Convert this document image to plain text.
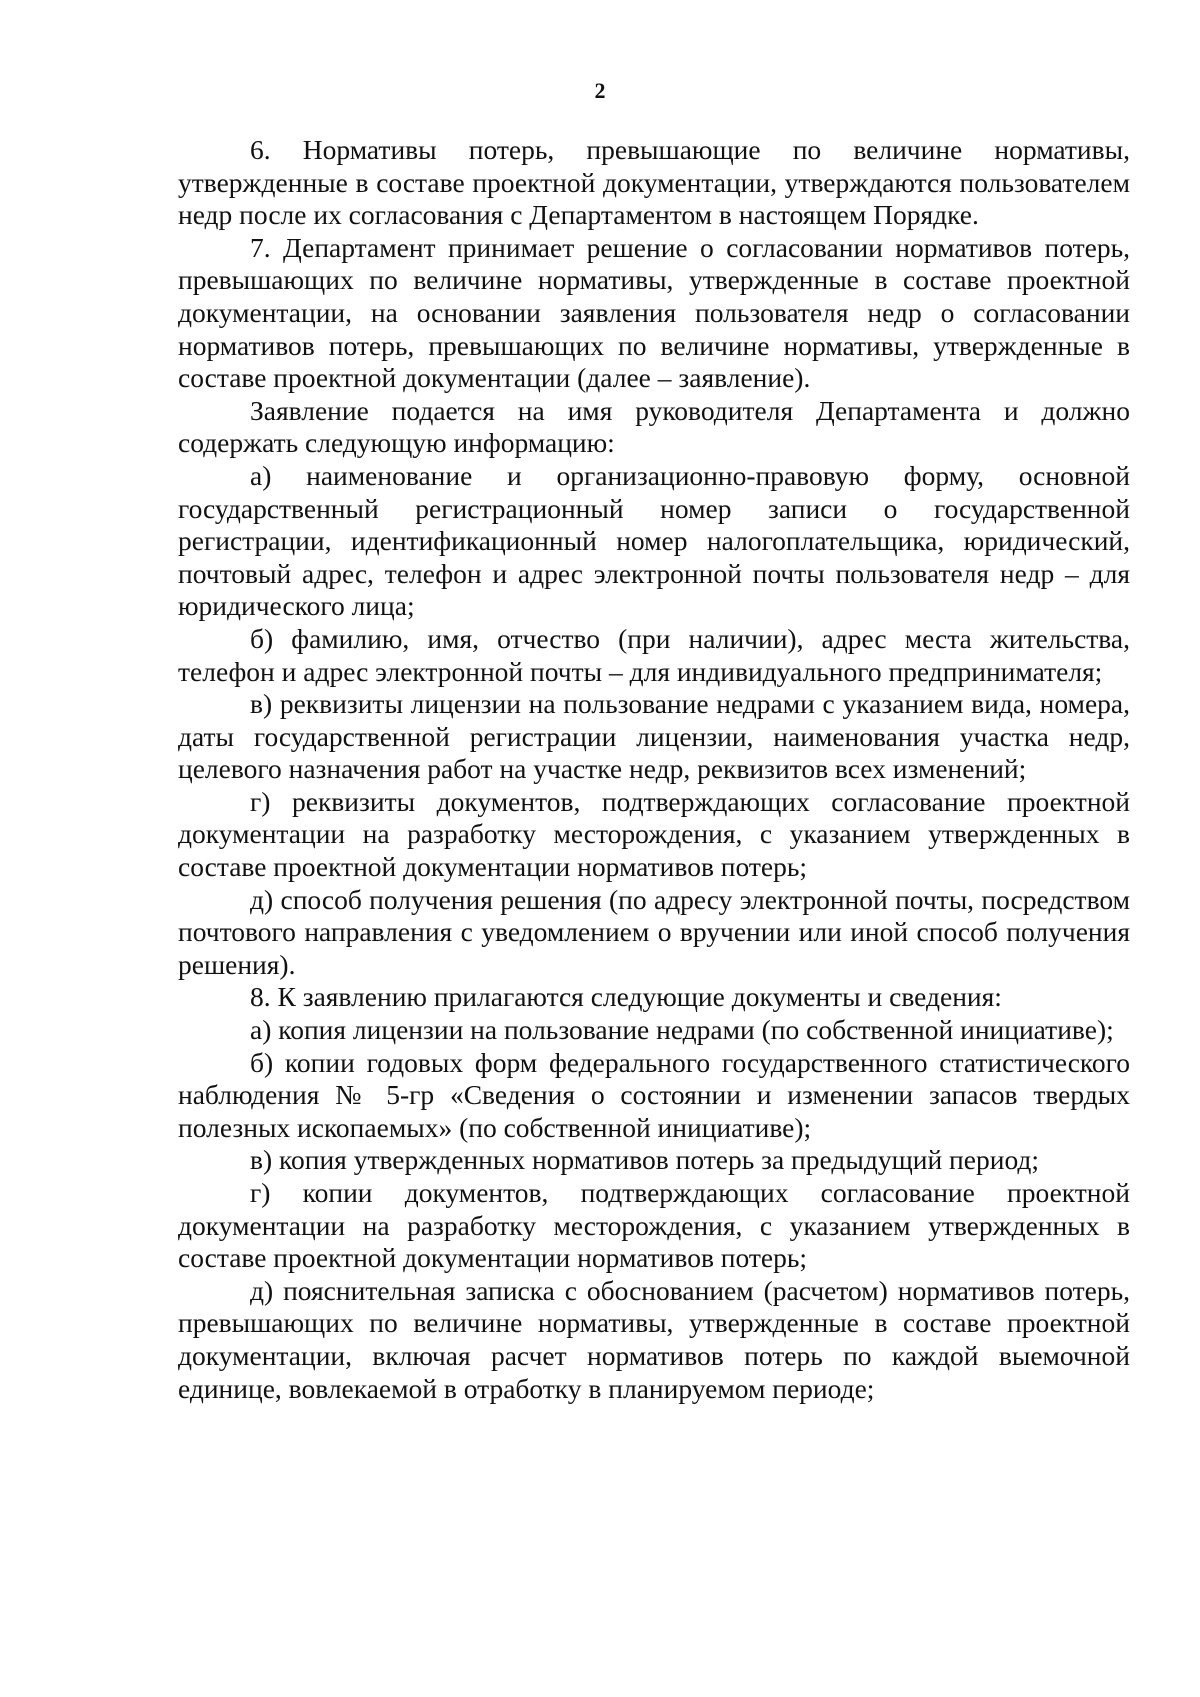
2

6. Нормативы потерь, превышающие по величине нормативы, утвержденные в составе проектной документации, утверждаются пользователем недр после их согласования с Департаментом в настоящем Порядке.

7. Департамент принимает решение о согласовании нормативов потерь, превышающих по величине нормативы, утвержденные в составе проектной документации, на основании заявления пользователя недр о согласовании нормативов потерь, превышающих по величине нормативы, утвержденные в составе проектной документации (далее – заявление).

Заявление подается на имя руководителя Департамента и должно содержать следующую информацию:

а) наименование и организационно-правовую форму, основной государственный регистрационный номер записи о государственной регистрации, идентификационный номер налогоплательщика, юридический, почтовый адрес, телефон и адрес электронной почты пользователя недр – для юридического лица;

б) фамилию, имя, отчество (при наличии), адрес места жительства, телефон и адрес электронной почты – для индивидуального предпринимателя;

в) реквизиты лицензии на пользование недрами с указанием вида, номера, даты государственной регистрации лицензии, наименования участка недр, целевого назначения работ на участке недр, реквизитов всех изменений;

г) реквизиты документов, подтверждающих согласование проектной документации на разработку месторождения, с указанием утвержденных в составе проектной документации нормативов потерь;

д) способ получения решения (по адресу электронной почты, посредством почтового направления с уведомлением о вручении или иной способ получения решения).

8. К заявлению прилагаются следующие документы и сведения:

а) копия лицензии на пользование недрами (по собственной инициативе);

б) копии годовых форм федерального государственного статистического наблюдения № 5-гр «Сведения о состоянии и изменении запасов твердых полезных ископаемых» (по собственной инициативе);

в) копия утвержденных нормативов потерь за предыдущий период;

г) копии документов, подтверждающих согласование проектной документации на разработку месторождения, с указанием утвержденных в составе проектной документации нормативов потерь;

д) пояснительная записка с обоснованием (расчетом) нормативов потерь, превышающих по величине нормативы, утвержденные в составе проектной документации, включая расчет нормативов потерь по каждой выемочной единице, вовлекаемой в отработку в планируемом периоде;
